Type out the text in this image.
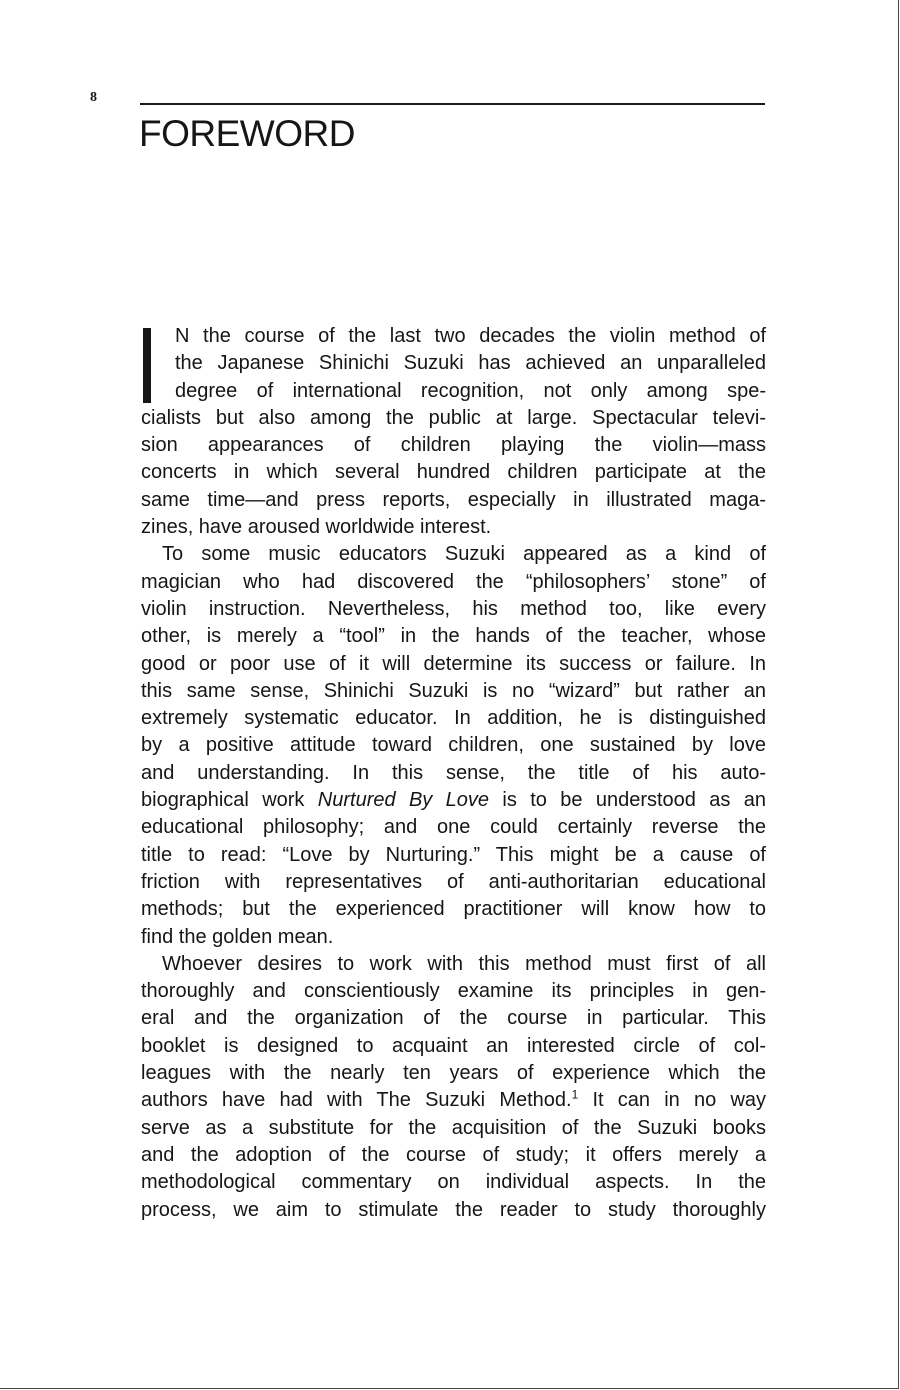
8
FOREWORD
N the course of the last two decades the violin method of
the Japanese Shinichi Suzuki has achieved an unparalleled
degree of international recognition, not only among spe-
cialists but also among the public at large. Spectacular televi-
sion appearances of children playing the violin—mass
concerts in which several hundred children participate at the
same time—and press reports, especially in illustrated maga-
zines, have aroused worldwide interest.
To some music educators Suzuki appeared as a kind of
magician who had discovered the “philosophers’ stone” of
violin instruction. Nevertheless, his method too, like every
other, is merely a “tool” in the hands of the teacher, whose
good or poor use of it will determine its success or failure. In
this same sense, Shinichi Suzuki is no “wizard” but rather an
extremely systematic educator. In addition, he is distinguished
by a positive attitude toward children, one sustained by love
and understanding. In this sense, the title of his auto-
biographical work Nurtured By Love is to be understood as an
educational philosophy; and one could certainly reverse the
title to read: “Love by Nurturing.” This might be a cause of
friction with representatives of anti-authoritarian educational
methods; but the experienced practitioner will know how to
find the golden mean.
Whoever desires to work with this method must first of all
thoroughly and conscientiously examine its principles in gen-
eral and the organization of the course in particular. This
booklet is designed to acquaint an interested circle of col-
leagues with the nearly ten years of experience which the
authors have had with The Suzuki Method.$^1$ It can in no way
serve as a substitute for the acquisition of the Suzuki books
and the adoption of the course of study; it offers merely a
methodological commentary on individual aspects. In the
process, we aim to stimulate the reader to study thoroughly
